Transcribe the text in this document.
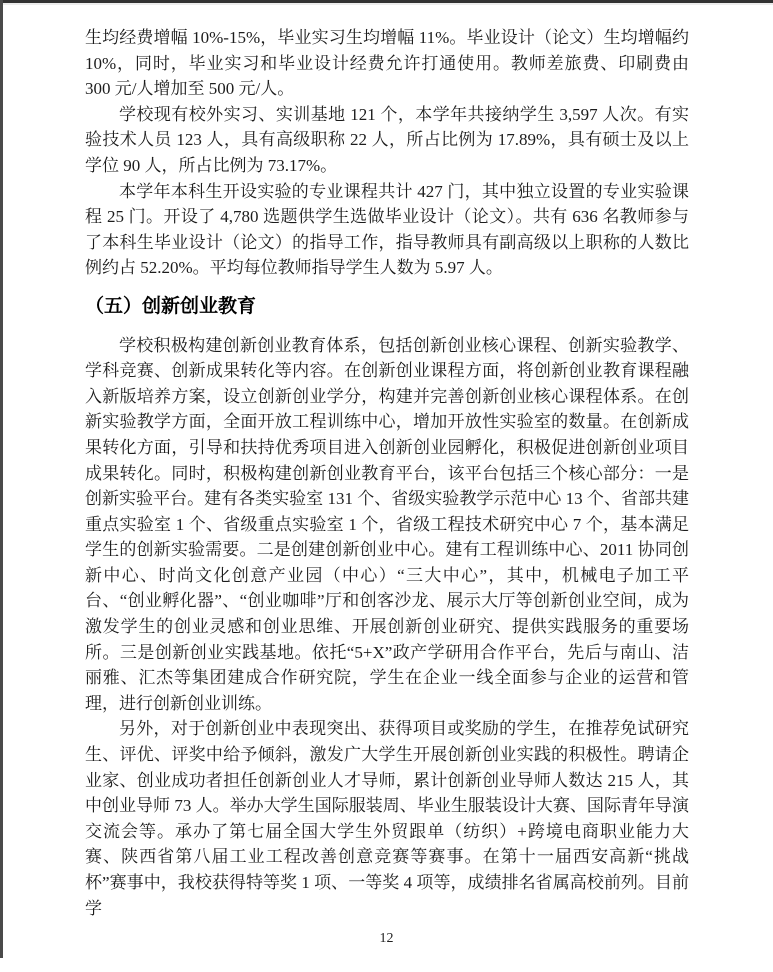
生均经费增幅 10%-15%，毕业实习生均增幅 11%。毕业设计（论文）生均增幅约 10%，同时，毕业实习和毕业设计经费允许打通使用。教师差旅费、印刷费由 300 元/人增加至 500 元/人。

学校现有校外实习、实训基地 121 个，本学年共接纳学生 3,597 人次。有实验技术人员 123 人，具有高级职称 22 人，所占比例为 17.89%，具有硕士及以上学位 90 人，所占比例为 73.17%。

本学年本科生开设实验的专业课程共计 427 门，其中独立设置的专业实验课程 25 门。开设了 4,780 选题供学生选做毕业设计（论文）。共有 636 名教师参与了本科生毕业设计（论文）的指导工作，指导教师具有副高级以上职称的人数比例约占 52.20%。平均每位教师指导学生人数为 5.97 人。

（五）创新创业教育

学校积极构建创新创业教育体系，包括创新创业核心课程、创新实验教学、学科竞赛、创新成果转化等内容。在创新创业课程方面，将创新创业教育课程融入新版培养方案，设立创新创业学分，构建并完善创新创业核心课程体系。在创新实验教学方面，全面开放工程训练中心，增加开放性实验室的数量。在创新成果转化方面，引导和扶持优秀项目进入创新创业园孵化，积极促进创新创业项目成果转化。同时，积极构建创新创业教育平台，该平台包括三个核心部分：一是创新实验平台。建有各类实验室 131 个、省级实验教学示范中心 13 个、省部共建重点实验室 1 个、省级重点实验室 1 个，省级工程技术研究中心 7 个，基本满足学生的创新实验需要。二是创建创新创业中心。建有工程训练中心、2011 协同创新中心、时尚文化创意产业园（中心）“三大中心”，其中，机械电子加工平台、“创业孵化器”、“创业咖啡”厅和创客沙龙、展示大厅等创新创业空间，成为激发学生的创业灵感和创业思维、开展创新创业研究、提供实践服务的重要场所。三是创新创业实践基地。依托“5+X”政产学研用合作平台，先后与南山、洁丽雅、汇杰等集团建成合作研究院，学生在企业一线全面参与企业的运营和管理，进行创新创业训练。

另外，对于创新创业中表现突出、获得项目或奖励的学生，在推荐免试研究生、评优、评奖中给予倾斜，激发广大学生开展创新创业实践的积极性。聘请企业家、创业成功者担任创新创业人才导师，累计创新创业导师人数达 215 人，其中创业导师 73 人。举办大学生国际服装周、毕业生服装设计大赛、国际青年导演交流会等。承办了第七届全国大学生外贸跟单（纺织）+跨境电商职业能力大赛、陕西省第八届工业工程改善创意竞赛等赛事。在第十一届西安高新“挑战杯”赛事中，我校获得特等奖 1 项、一等奖 4 项等，成绩排名省属高校前列。目前学

12
